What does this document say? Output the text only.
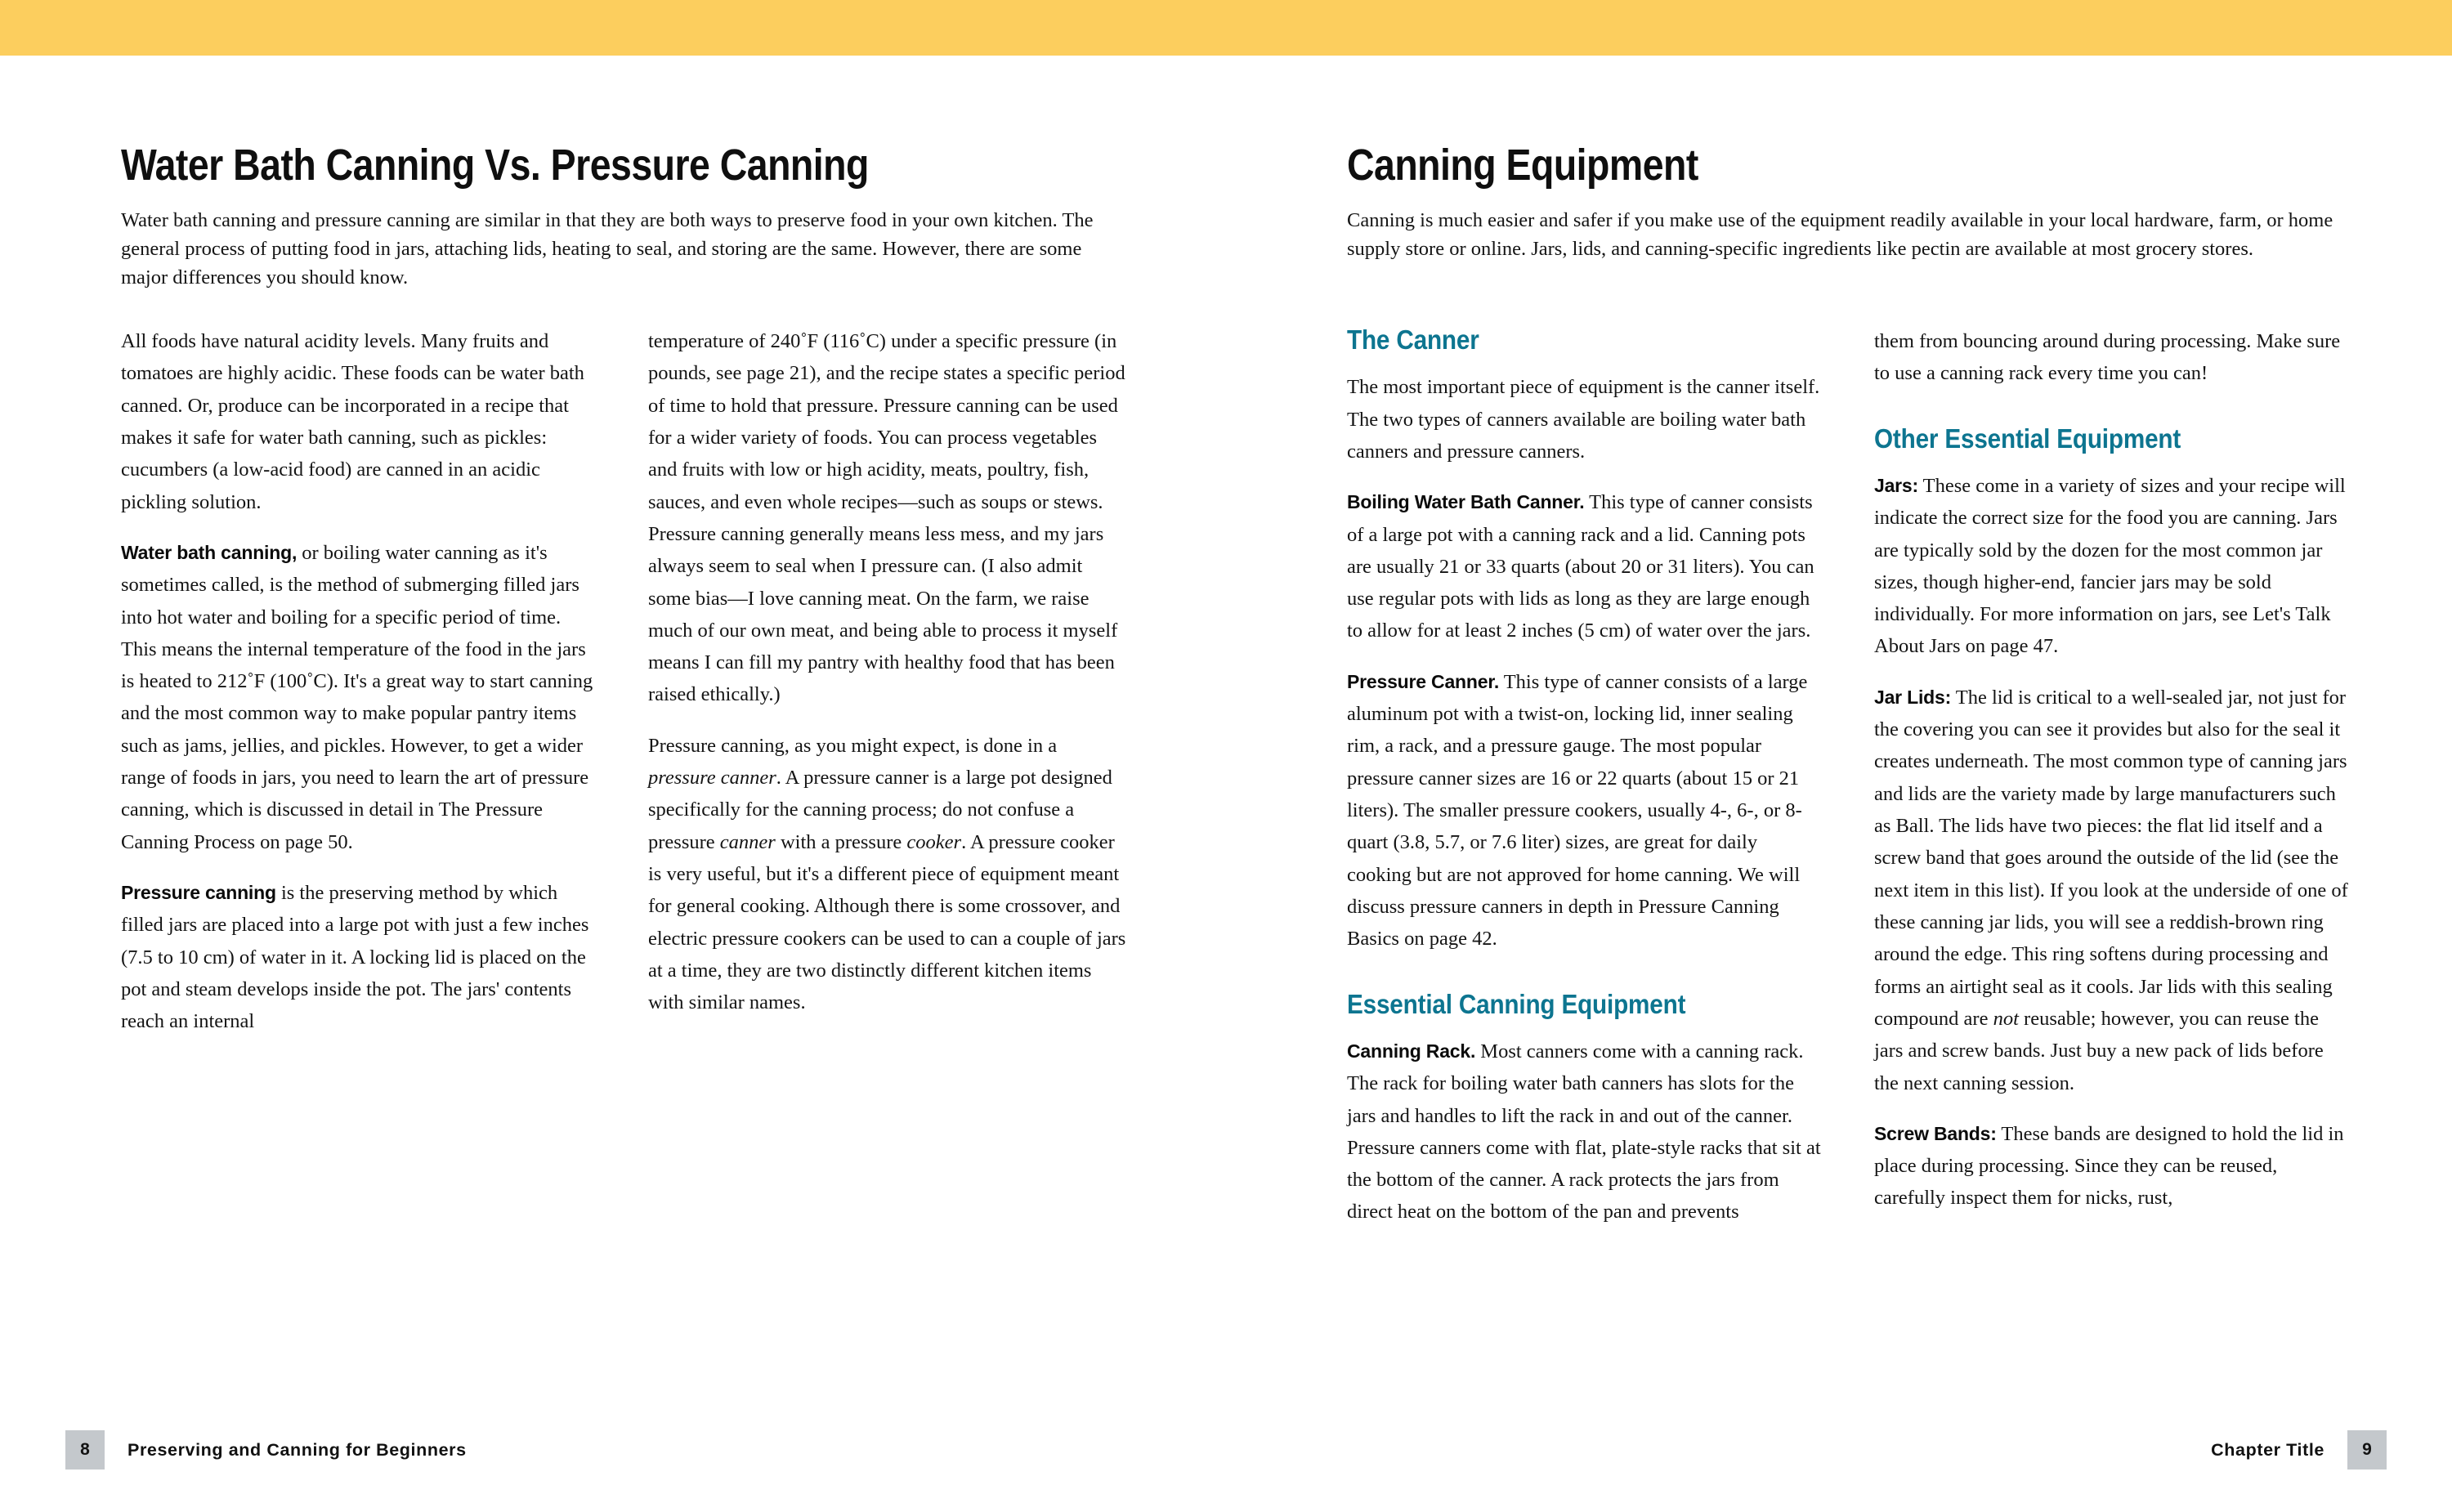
Water Bath Canning Vs. Pressure Canning

Water bath canning and pressure canning are similar in that they are both ways to preserve food in your own kitchen. The general process of putting food in jars, attaching lids, heating to seal, and storing are the same. However, there are some major differences you should know.

All foods have natural acidity levels. Many fruits and tomatoes are highly acidic. These foods can be water bath canned. Or, produce can be incorporated in a recipe that makes it safe for water bath canning, such as pickles: cucumbers (a low-acid food) are canned in an acidic pickling solution.

Water bath canning, or boiling water canning as it's sometimes called, is the method of submerging filled jars into hot water and boiling for a specific period of time. This means the internal temperature of the food in the jars is heated to 212˚F (100˚C). It's a great way to start canning and the most common way to make popular pantry items such as jams, jellies, and pickles. However, to get a wider range of foods in jars, you need to learn the art of pressure canning, which is discussed in detail in The Pressure Canning Process on page 50.

Pressure canning is the preserving method by which filled jars are placed into a large pot with just a few inches (7.5 to 10 cm) of water in it. A locking lid is placed on the pot and steam develops inside the pot. The jars' contents reach an internal

temperature of 240˚F (116˚C) under a specific pressure (in pounds, see page 21), and the recipe states a specific period of time to hold that pressure. Pressure canning can be used for a wider variety of foods. You can process vegetables and fruits with low or high acidity, meats, poultry, fish, sauces, and even whole recipes—such as soups or stews. Pressure canning generally means less mess, and my jars always seem to seal when I pressure can. (I also admit some bias—I love canning meat. On the farm, we raise much of our own meat, and being able to process it myself means I can fill my pantry with healthy food that has been raised ethically.)

Pressure canning, as you might expect, is done in a pressure canner. A pressure canner is a large pot designed specifically for the canning process; do not confuse a pressure canner with a pressure cooker. A pressure cooker is very useful, but it's a different piece of equipment meant for general cooking. Although there is some crossover, and electric pressure cookers can be used to can a couple of jars at a time, they are two distinctly different kitchen items with similar names.

8	Preserving and Canning for Beginners
Canning Equipment

Canning is much easier and safer if you make use of the equipment readily available in your local hardware, farm, or home supply store or online. Jars, lids, and canning-specific ingredients like pectin are available at most grocery stores.

The Canner

The most important piece of equipment is the canner itself. The two types of canners available are boiling water bath canners and pressure canners.

Boiling Water Bath Canner. This type of canner consists of a large pot with a canning rack and a lid. Canning pots are usually 21 or 33 quarts (about 20 or 31 liters). You can use regular pots with lids as long as they are large enough to allow for at least 2 inches (5 cm) of water over the jars.

Pressure Canner. This type of canner consists of a large aluminum pot with a twist-on, locking lid, inner sealing rim, a rack, and a pressure gauge. The most popular pressure canner sizes are 16 or 22 quarts (about 15 or 21 liters). The smaller pressure cookers, usually 4-, 6-, or 8-quart (3.8, 5.7, or 7.6 liter) sizes, are great for daily cooking but are not approved for home canning. We will discuss pressure canners in depth in Pressure Canning Basics on page 42.

Essential Canning Equipment

Canning Rack. Most canners come with a canning rack. The rack for boiling water bath canners has slots for the jars and handles to lift the rack in and out of the canner. Pressure canners come with flat, plate-style racks that sit at the bottom of the canner. A rack protects the jars from direct heat on the bottom of the pan and prevents

them from bouncing around during processing. Make sure to use a canning rack every time you can!

Other Essential Equipment

Jars: These come in a variety of sizes and your recipe will indicate the correct size for the food you are canning. Jars are typically sold by the dozen for the most common jar sizes, though higher-end, fancier jars may be sold individually. For more information on jars, see Let's Talk About Jars on page 47.

Jar Lids: The lid is critical to a well-sealed jar, not just for the covering you can see it provides but also for the seal it creates underneath. The most common type of canning jars and lids are the variety made by large manufacturers such as Ball. The lids have two pieces: the flat lid itself and a screw band that goes around the outside of the lid (see the next item in this list). If you look at the underside of one of these canning jar lids, you will see a reddish-brown ring around the edge. This ring softens during processing and forms an airtight seal as it cools. Jar lids with this sealing compound are not reusable; however, you can reuse the jars and screw bands. Just buy a new pack of lids before the next canning session.

Screw Bands: These bands are designed to hold the lid in place during processing. Since they can be reused, carefully inspect them for nicks, rust,

Chapter Title	9
